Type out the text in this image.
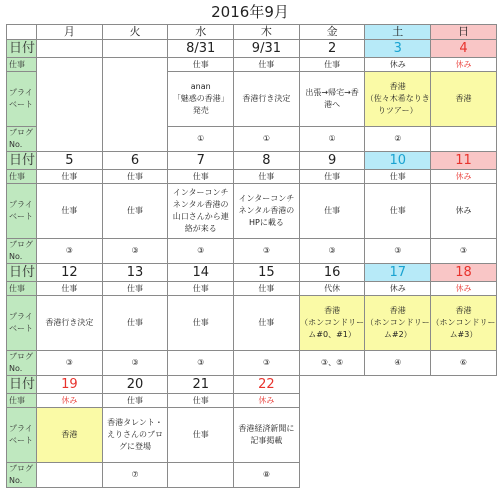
2016年9月
	月	火	水	木	金	土	日
日付			8/31	9/31	2	3	4
仕事			仕事	仕事	仕事	休み	休み
プライベート			anan
「魅惑の香港」
発売	香港行き決定	出張→帰宅→香
港へ	香港
（佐々木希なりき
りツアー）	香港
ブログNo.			①	①	①	②	
日付	5	6	7	8	9	10	11
仕事	仕事	仕事	仕事	仕事	仕事	仕事	休み
プライベート	仕事	仕事	インターコンチ
ネンタル香港の
山口さんから連
絡が来る	インターコンチ
ネンタル香港の
HPに載る	仕事	仕事	休み
ブログNo.	③	③	③	③	③	③	③
日付	12	13	14	15	16	17	18
仕事	仕事	仕事	仕事	仕事	代休	休み	休み
プライベート	香港行き決定	仕事	仕事	仕事	香港
（ホンコンドリー
ム#0、#1）	香港
（ホンコンドリー
ム#2）	香港
（ホンコンドリー
ム#3）
ブログNo.	③	③	③	③	③、⑤	④	⑥
日付	19	20	21	22			
仕事	休み	仕事	仕事	休み			
プライベート	香港	香港タレント・
えりさんのブロ
グに登場	仕事	香港経済新聞に
記事掲載			
ブログNo.		⑦		⑧			
